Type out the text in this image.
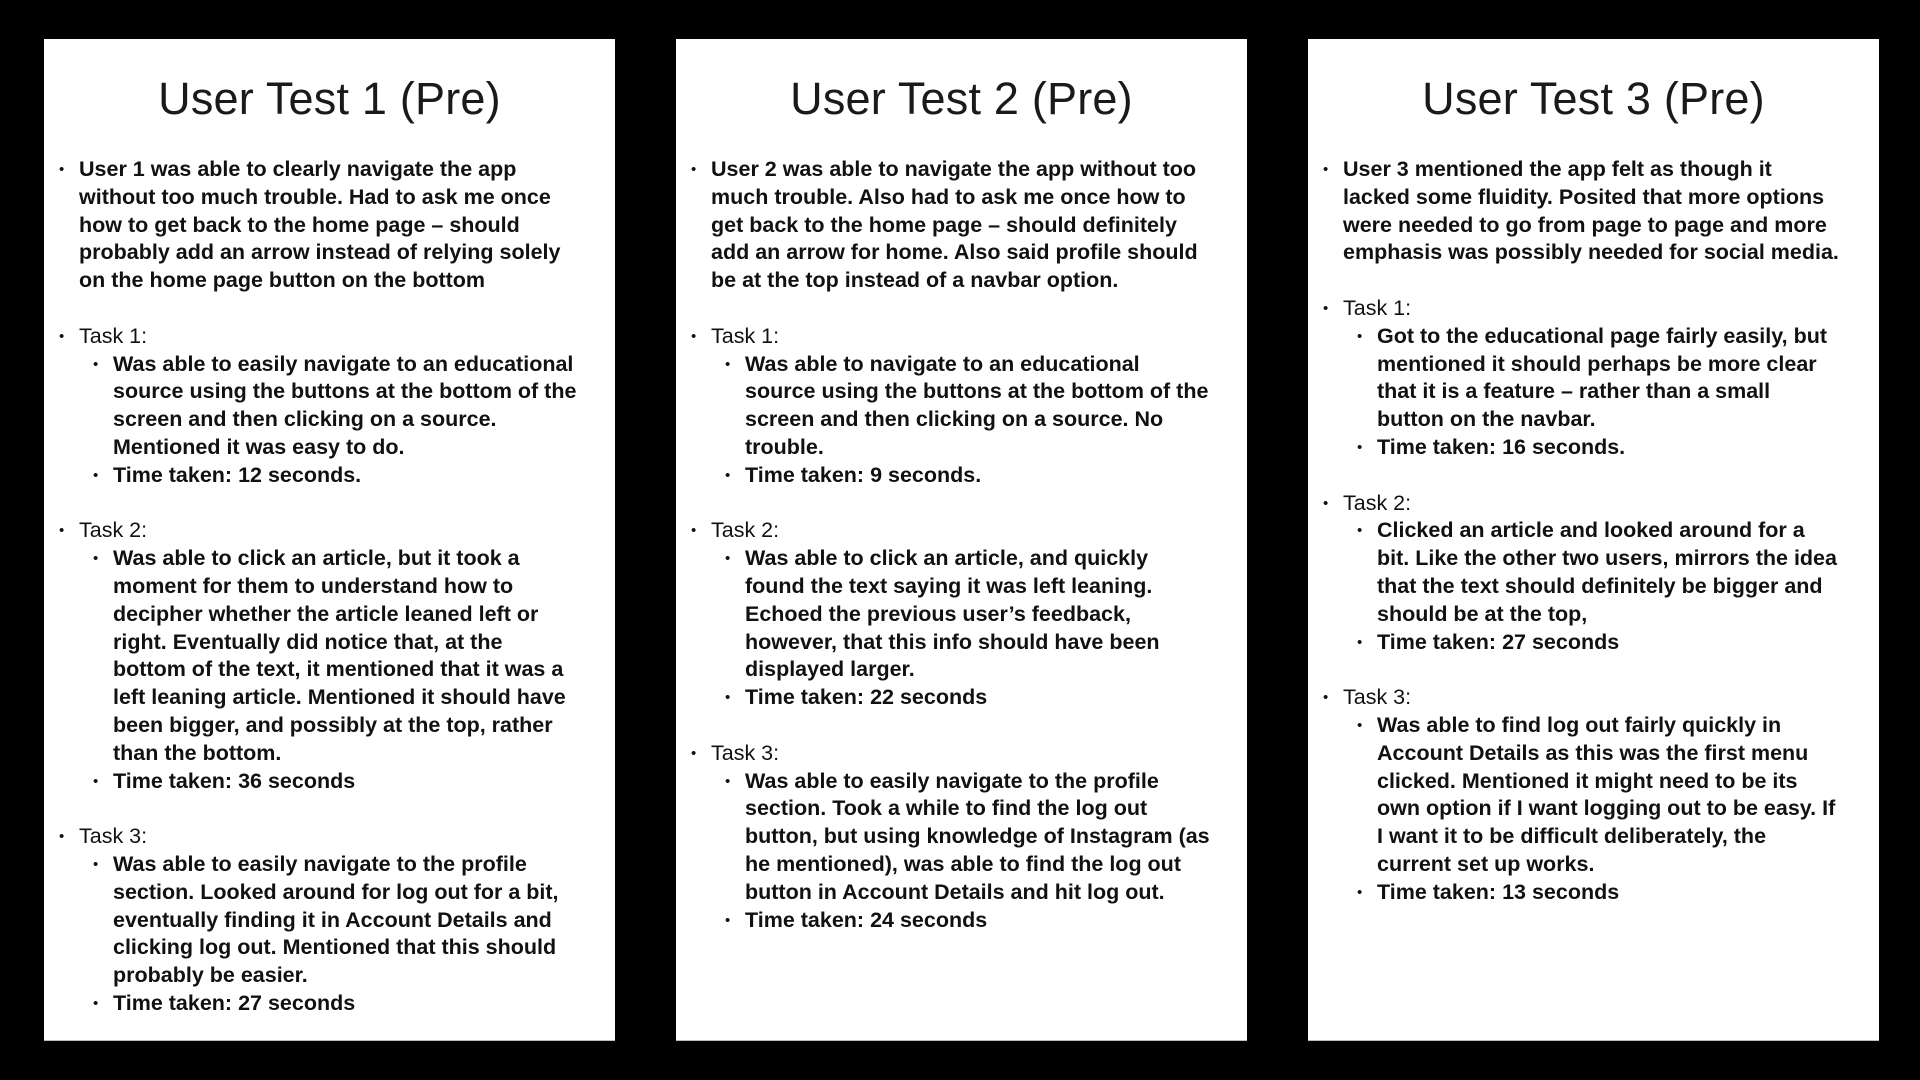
User Test 1 (Pre)
• User 1 was able to clearly navigate the app
without too much trouble. Had to ask me once
how to get back to the home page – should
probably add an arrow instead of relying solely
on the home page button on the bottom
• Task 1:
• Was able to easily navigate to an educational
source using the buttons at the bottom of the
screen and then clicking on a source.
Mentioned it was easy to do.
• Time taken: 12 seconds.
• Task 2:
• Was able to click an article, but it took a
moment for them to understand how to
decipher whether the article leaned left or
right. Eventually did notice that, at the
bottom of the text, it mentioned that it was a
left leaning article. Mentioned it should have
been bigger, and possibly at the top, rather
than the bottom.
• Time taken: 36 seconds
• Task 3:
• Was able to easily navigate to the profile
section. Looked around for log out for a bit,
eventually finding it in Account Details and
clicking log out. Mentioned that this should
probably be easier.
• Time taken: 27 seconds
User Test 2 (Pre)
• User 2 was able to navigate the app without too
much trouble. Also had to ask me once how to
get back to the home page – should definitely
add an arrow for home. Also said profile should
be at the top instead of a navbar option.
• Task 1:
• Was able to navigate to an educational
source using the buttons at the bottom of the
screen and then clicking on a source. No
trouble.
• Time taken: 9 seconds.
• Task 2:
• Was able to click an article, and quickly
found the text saying it was left leaning.
Echoed the previous user’s feedback,
however, that this info should have been
displayed larger.
• Time taken: 22 seconds
• Task 3:
• Was able to easily navigate to the profile
section. Took a while to find the log out
button, but using knowledge of Instagram (as
he mentioned), was able to find the log out
button in Account Details and hit log out.
• Time taken: 24 seconds
User Test 3 (Pre)
• User 3 mentioned the app felt as though it
lacked some fluidity. Posited that more options
were needed to go from page to page and more
emphasis was possibly needed for social media.
• Task 1:
• Got to the educational page fairly easily, but
mentioned it should perhaps be more clear
that it is a feature – rather than a small
button on the navbar.
• Time taken: 16 seconds.
• Task 2:
• Clicked an article and looked around for a
bit. Like the other two users, mirrors the idea
that the text should definitely be bigger and
should be at the top,
• Time taken: 27 seconds
• Task 3:
• Was able to find log out fairly quickly in
Account Details as this was the first menu
clicked. Mentioned it might need to be its
own option if I want logging out to be easy. If
I want it to be difficult deliberately, the
current set up works.
• Time taken: 13 seconds
